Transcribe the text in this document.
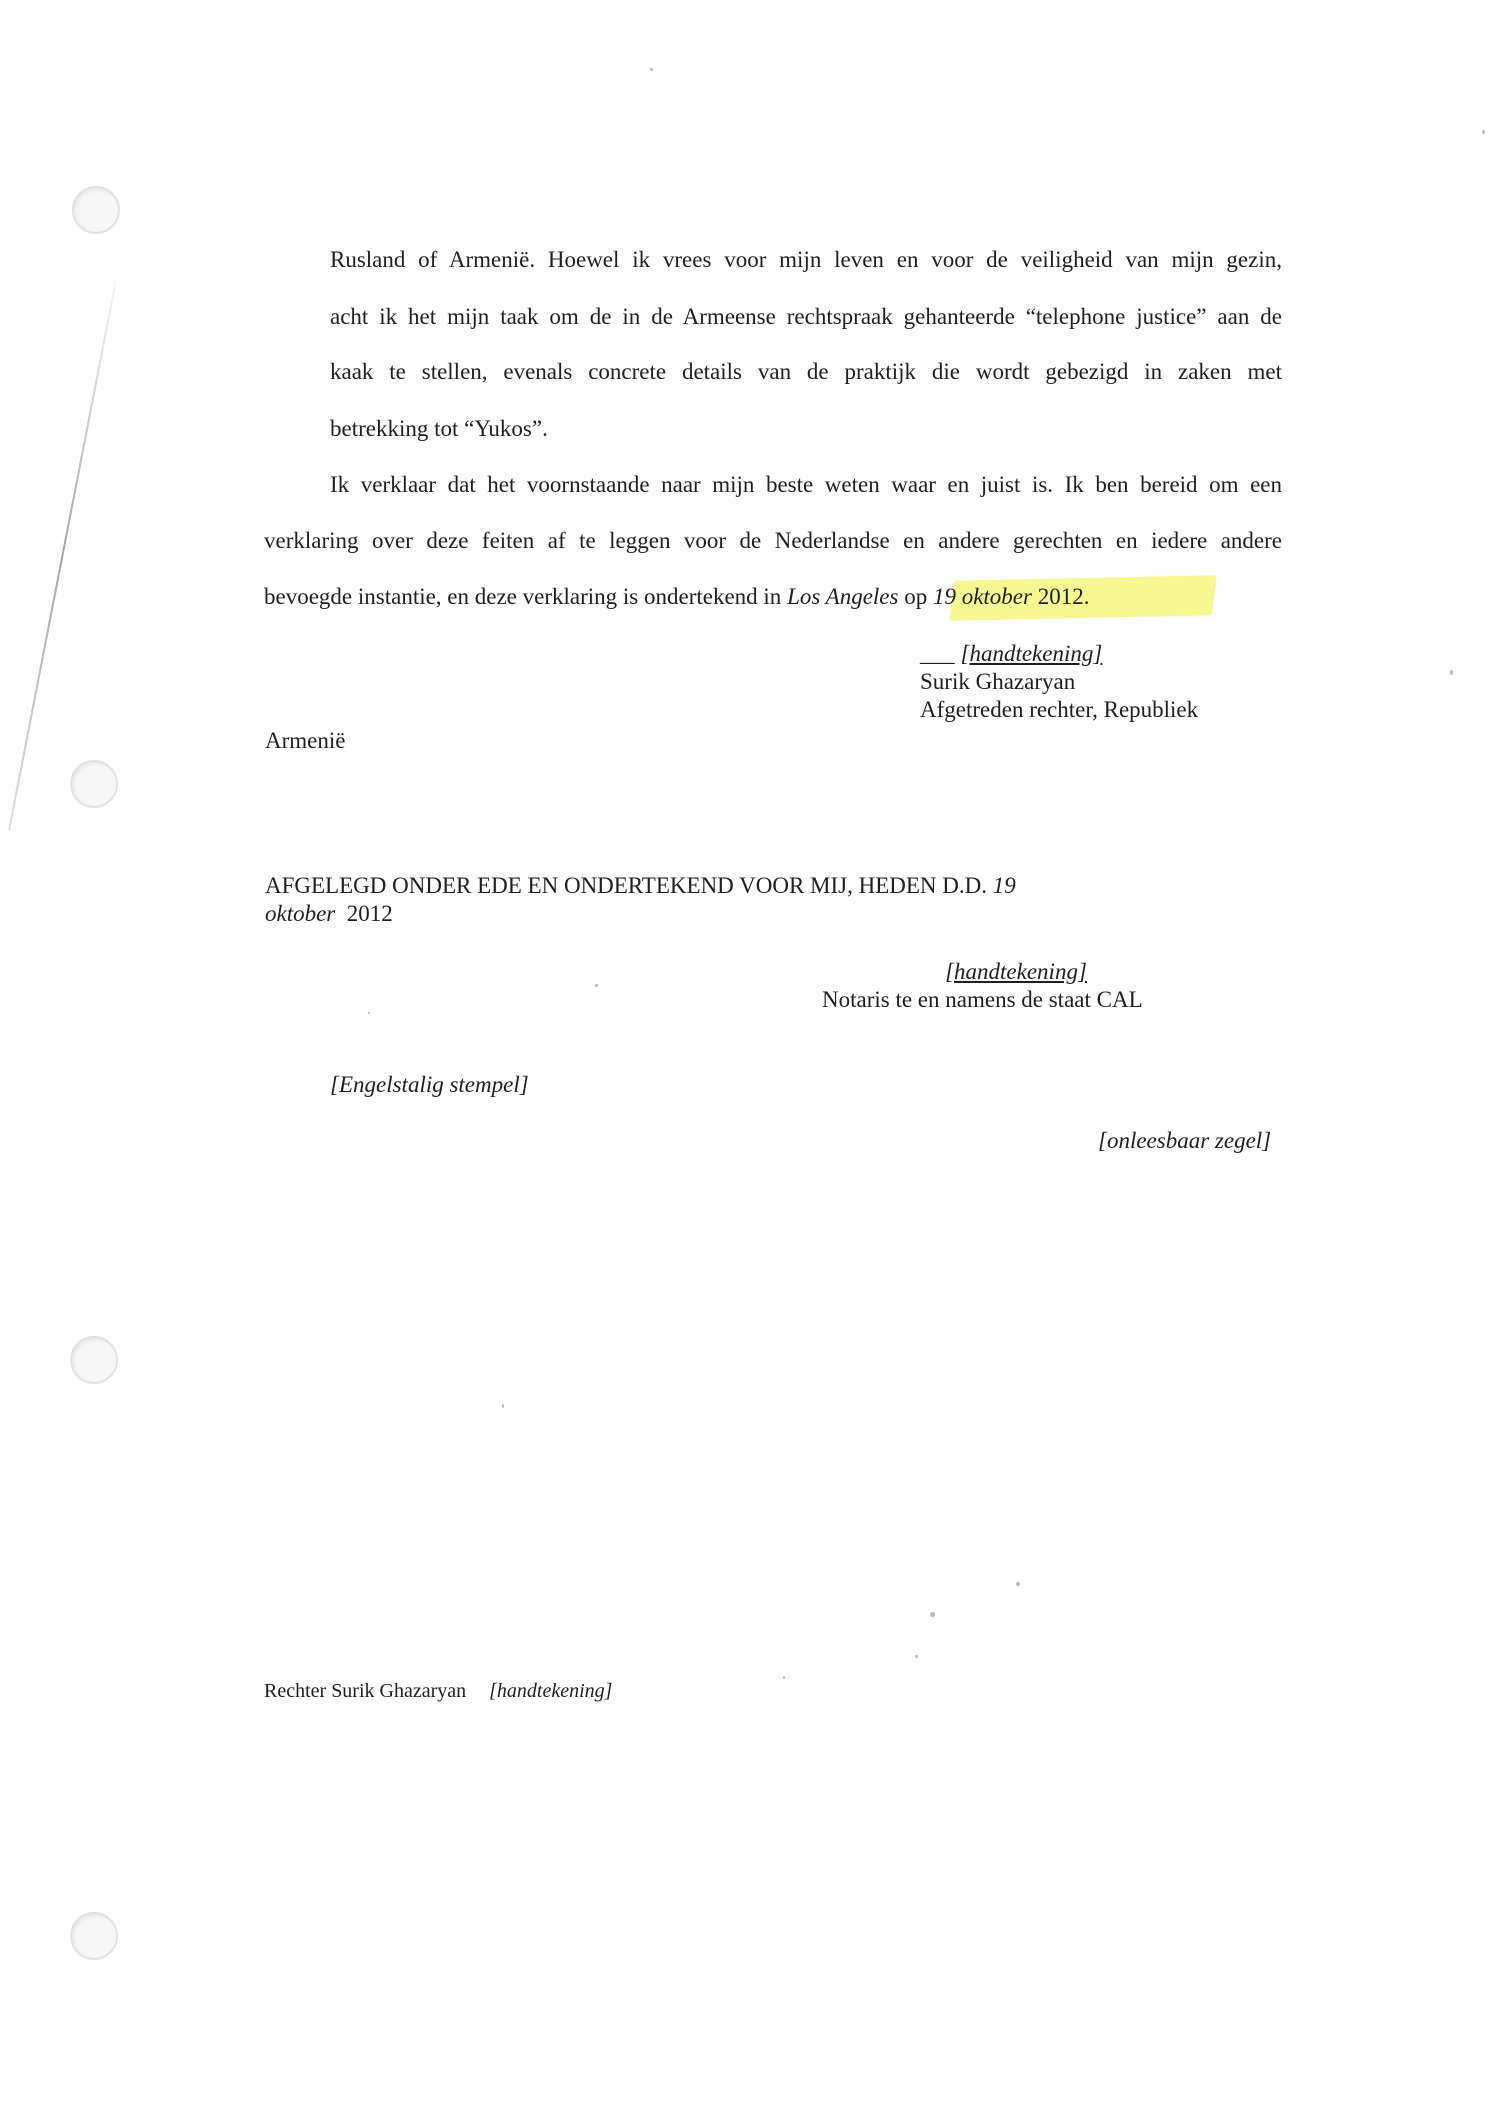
Rusland of Armenië. Hoewel ik vrees voor mijn leven en voor de veiligheid van mijn gezin,
acht ik het mijn taak om de in de Armeense rechtspraak gehanteerde “telephone justice” aan de
kaak te stellen, evenals concrete details van de praktijk die wordt gebezigd in zaken met
betrekking tot “Yukos”.
Ik verklaar dat het voornstaande naar mijn beste weten waar en juist is. Ik ben bereid om een
verklaring over deze feiten af te leggen voor de Nederlandse en andere gerechten en iedere andere
bevoegde instantie, en deze verklaring is ondertekend in Los Angeles op 19 oktober 2012.
___ [handtekening]
Surik Ghazaryan
Afgetreden rechter, Republiek
Armenië
AFGELEGD ONDER EDE EN ONDERTEKEND VOOR MIJ, HEDEN D.D. 19
oktober 2012
[handtekening]
Notaris te en namens de staat CAL
[Engelstalig stempel]
[onleesbaar zegel]
Rechter Surik Ghazaryan [handtekening]
